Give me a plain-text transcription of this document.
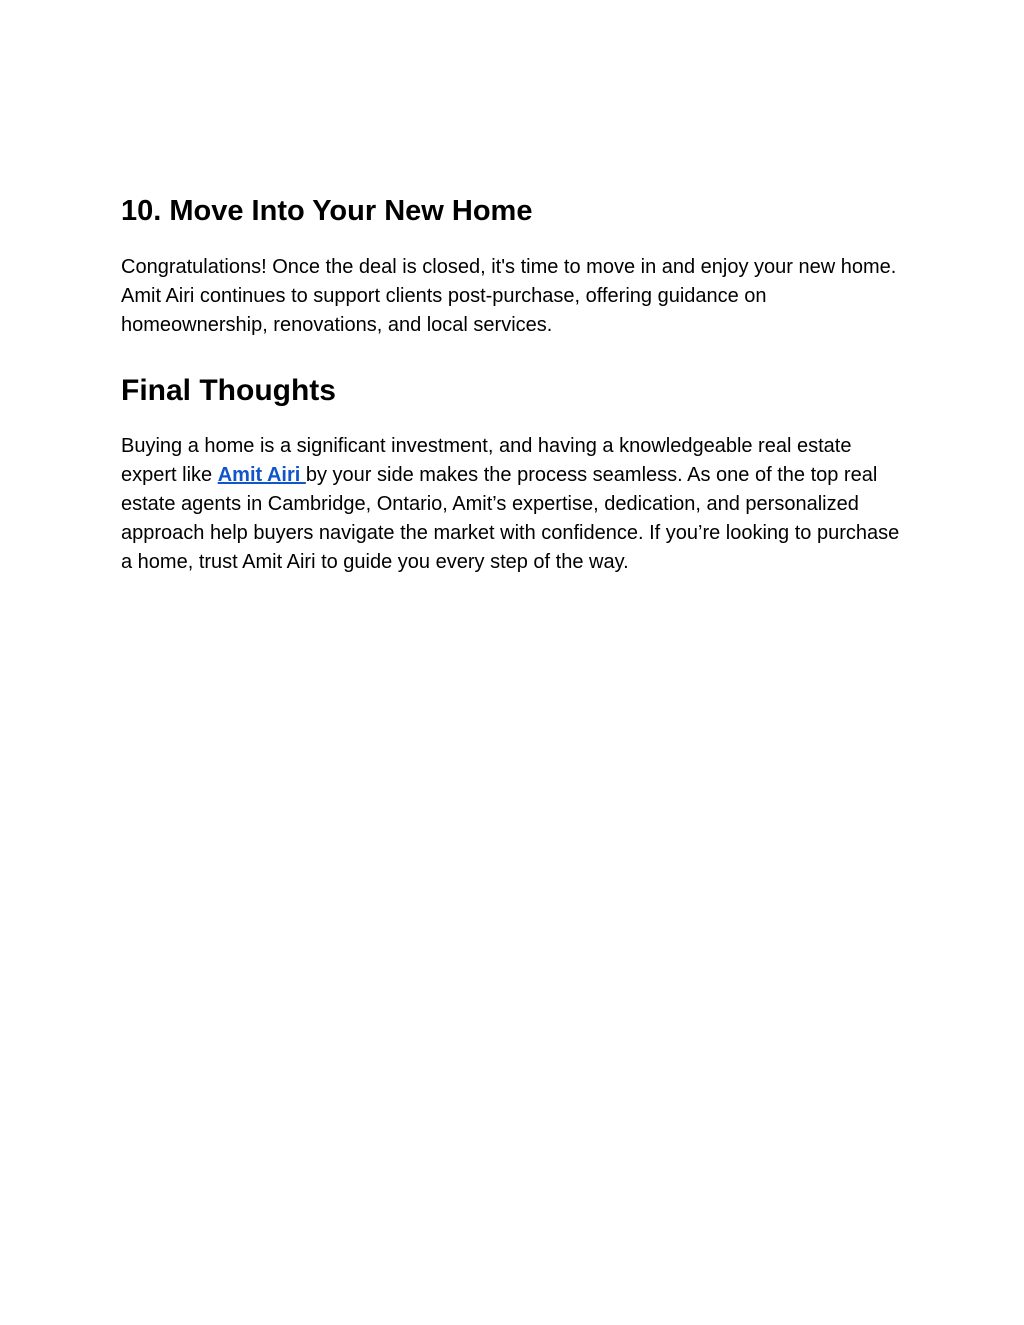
10. Move Into Your New Home

Congratulations! Once the deal is closed, it's time to move in and enjoy your new home. Amit Airi continues to support clients post-purchase, offering guidance on homeownership, renovations, and local services.

Final Thoughts

Buying a home is a significant investment, and having a knowledgeable real estate expert like Amit Airi by your side makes the process seamless. As one of the top real estate agents in Cambridge, Ontario, Amit’s expertise, dedication, and personalized approach help buyers navigate the market with confidence. If you’re looking to purchase a home, trust Amit Airi to guide you every step of the way.
